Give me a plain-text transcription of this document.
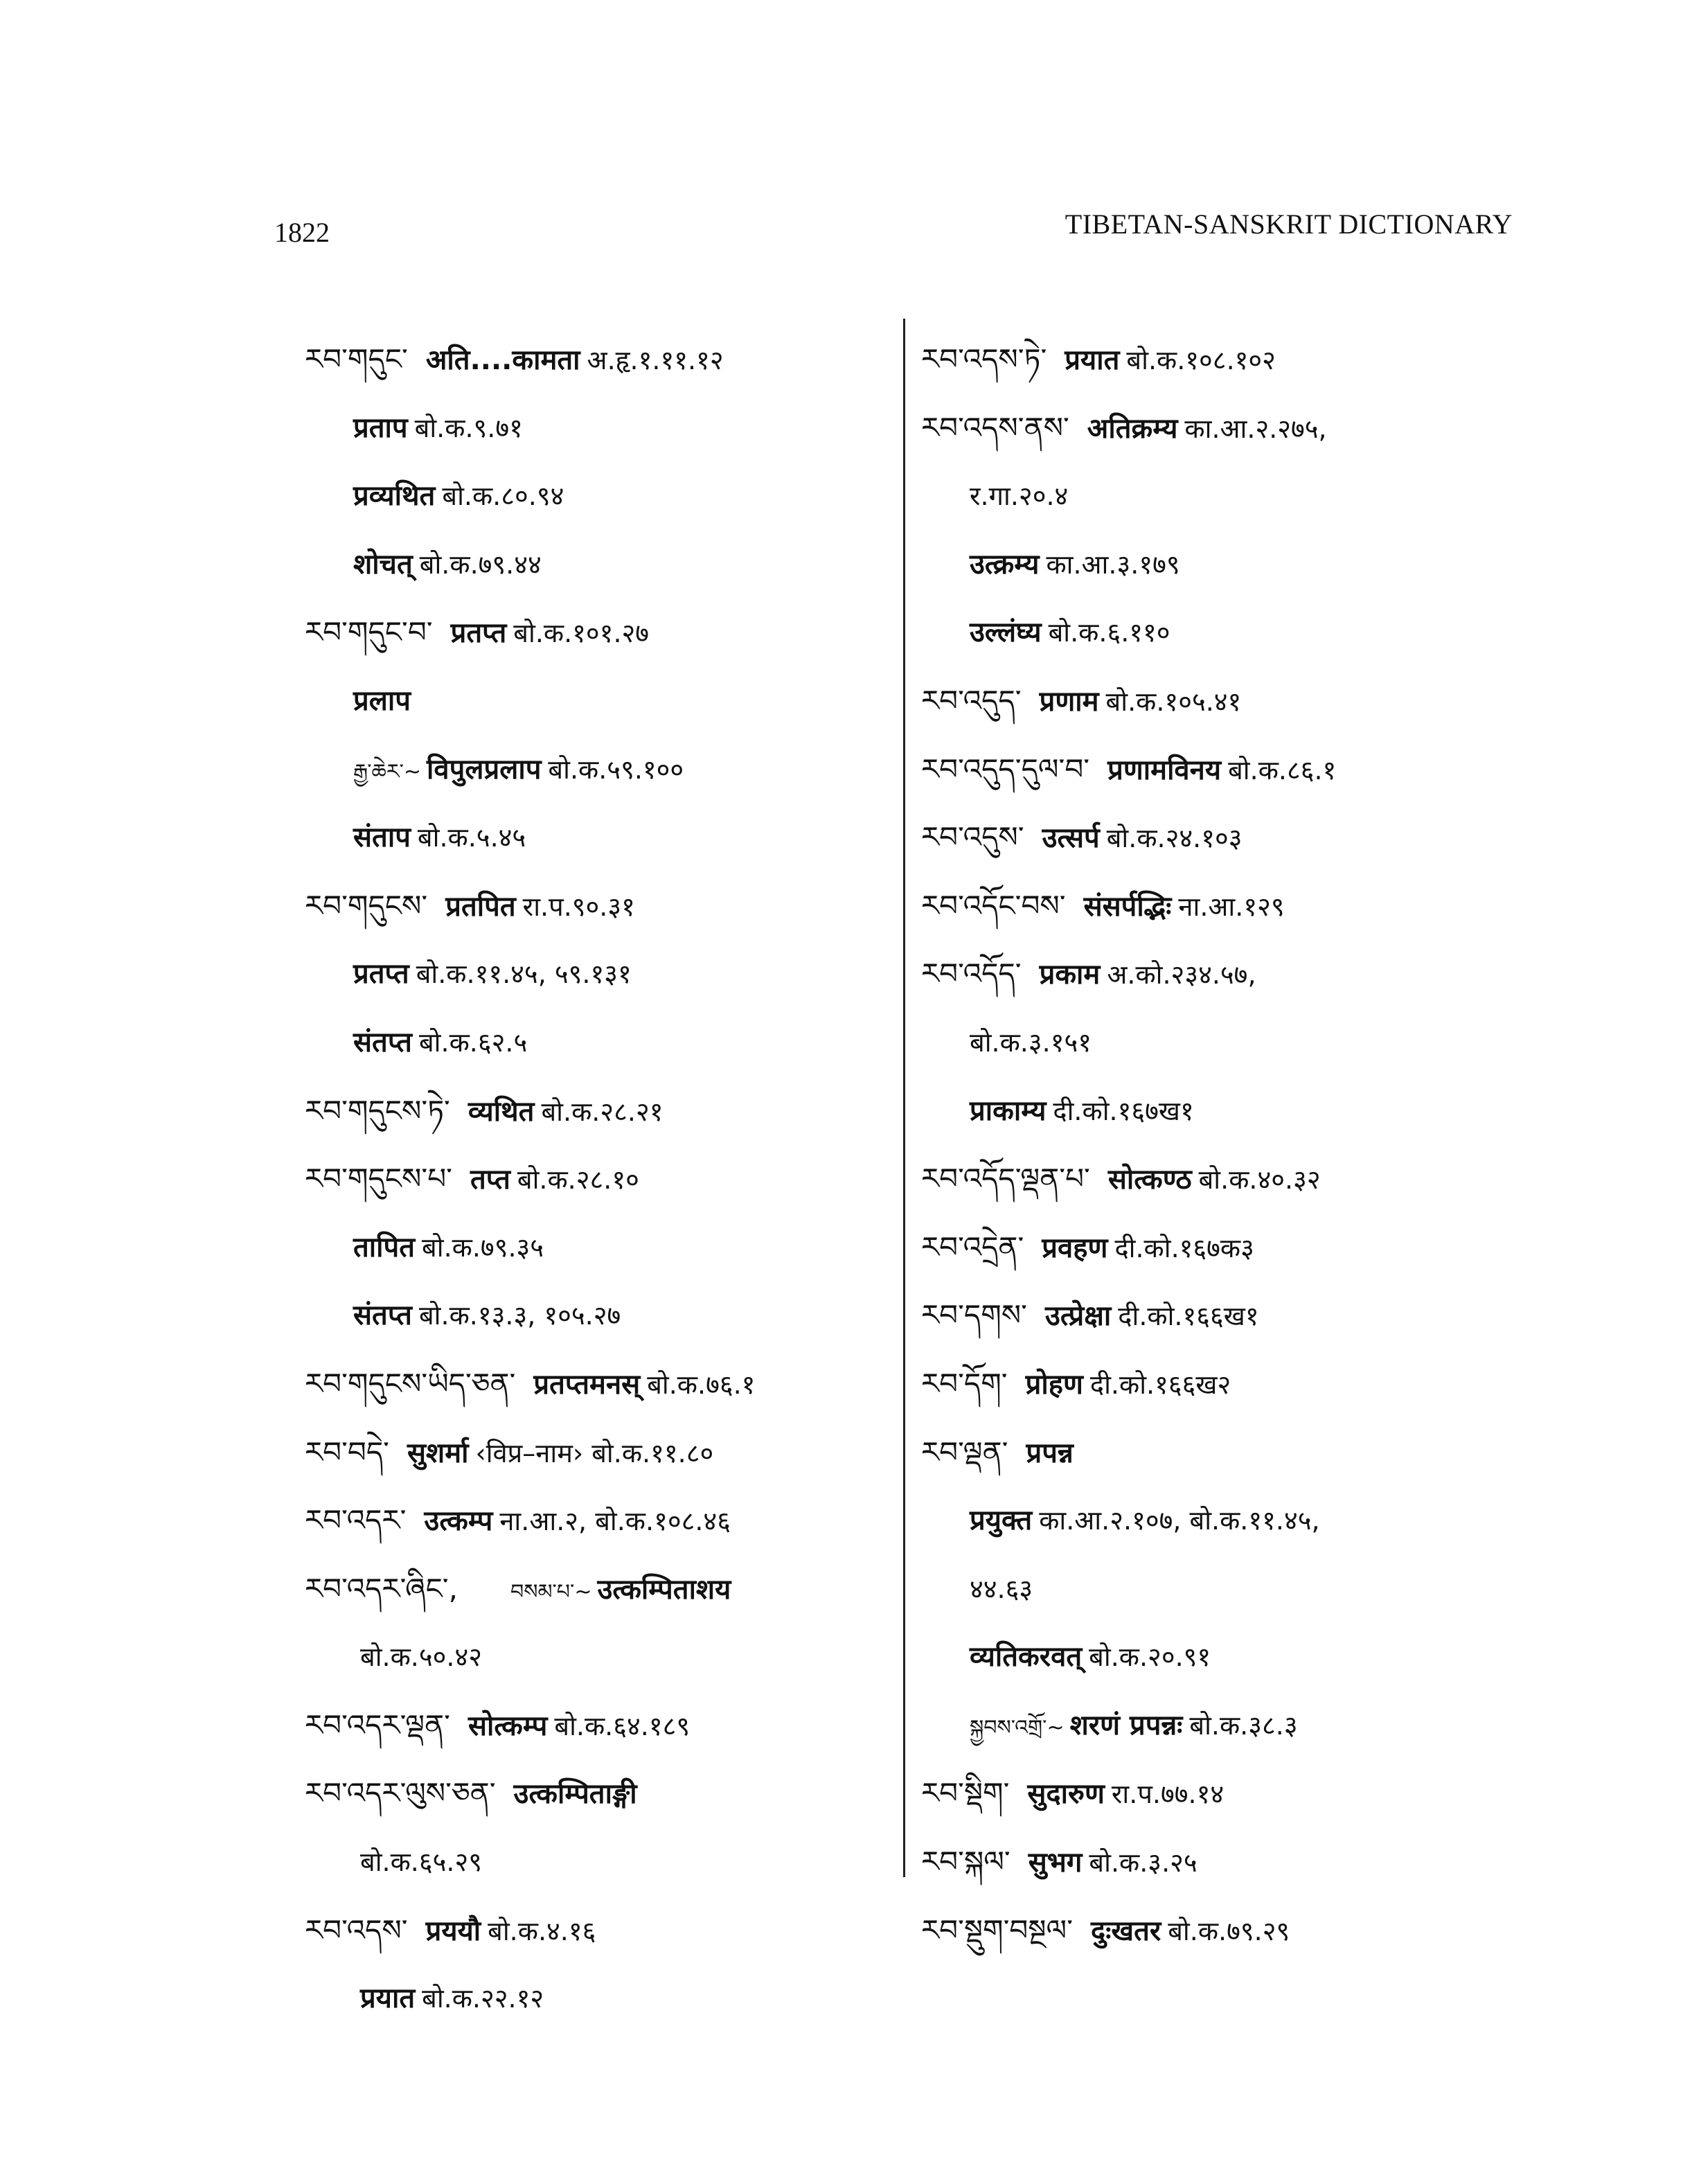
1822	TIBETAN-SANSKRIT DICTIONARY
རབ་གདུང་ अति....कामता अ.हृ.१.११.१२
प्रताप बो.क.९.७१
प्रव्यथित बो.क.८०.९४
शोचत् बो.क.७९.४४
རབ་གདུང་བ་ प्रतप्त बो.क.१०१.२७
प्रलाप
རྒྱ་ཆེར་~ विपुलप्रलाप बो.क.५९.१००
संताप बो.क.५.४५
རབ་གདུངས་ प्रतपित रा.प.९०.३१
प्रतप्त बो.क.११.४५, ५९.१३१
संतप्त बो.क.६२.५
རབ་གདུངས་ཏེ་ व्यथित बो.क.२८.२१
རབ་གདུངས་པ་ तप्त बो.क.२८.१०
तापित बो.क.७९.३५
संतप्त बो.क.१३.३, १०५.२७
རབ་གདུངས་ཡིད་ཅན་ प्रतप्तमनस् बो.क.७६.१
རབ་བདེ་ सुशर्मा ‹विप्र–नाम› बो.क.११.८०
རབ་འདར་ उत्कम्प ना.आ.२, बो.क.१०८.४६
རབ་འདར་ཞིང་,	བསམ་པ་~ उत्कम्पिताशय
बो.क.५०.४२
རབ་འདར་ལྡན་ सोत्कम्प बो.क.६४.१८९
རབ་འདར་ལུས་ཅན་ उत्कम्पिताङ्गी
बो.क.६५.२९
རབ་འདས་ प्रययौ बो.क.४.१६
प्रयात बो.क.२२.१२
རབ་འདས་ཏེ་ प्रयात बो.क.१०८.१०२
རབ་འདས་ནས་ अतिक्रम्य का.आ.२.२७५,
र.गा.२०.४
उत्क्रम्य का.आ.३.१७९
उल्लंघ्य बो.क.६.११०
རབ་འདུད་ प्रणाम बो.क.१०५.४१
རབ་འདུད་དུལ་བ་ प्रणामविनय बो.क.८६.१
རབ་འདུས་ उत्सर्प बो.क.२४.१०३
རབ་འདོང་བས་ संसर्पद्भिः ना.आ.१२९
རབ་འདོད་ प्रकाम अ.को.२३४.५७,
बो.क.३.१५१
प्राकाम्य दी.को.१६७ख१
རབ་འདོད་ལྡན་པ་ सोत्कण्ठ बो.क.४०.३२
རབ་འདྲེན་ प्रवहण दी.को.१६७क३
རབ་དགས་ उत्प्रेक्षा दी.को.१६६ख१
རབ་དོག་ प्रोहण दी.को.१६६ख२
རབ་ལྡན་ प्रपन्न
प्रयुक्त का.आ.२.१०७, बो.क.११.४५,
४४.६३
व्यतिकरवत् बो.क.२०.९१
སྐྱབས་འགྲོ་~ शरणं प्रपन्नः बो.क.३८.३
རབ་སྡིག་ सुदारुण रा.प.७७.१४
རབ་སྐལ་ सुभग बो.क.३.२५
རབ་སྡུག་བསྔལ་ दुःखतर बो.क.७९.२९
